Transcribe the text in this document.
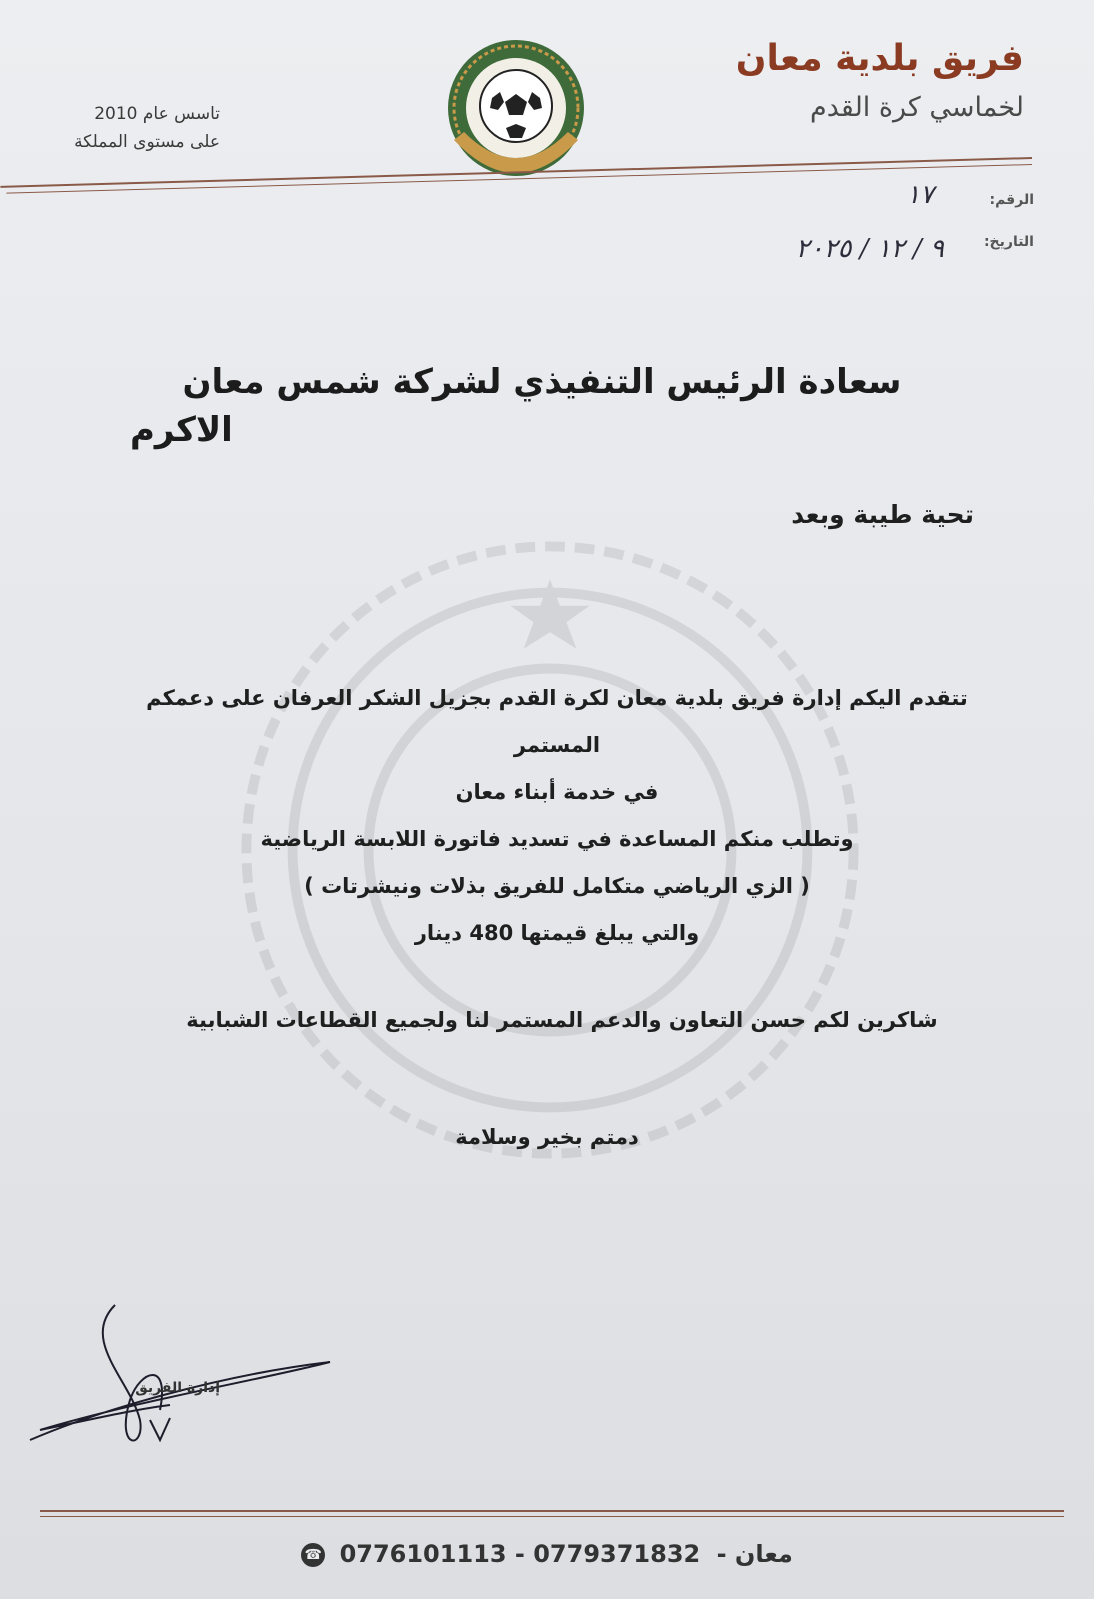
فريق بلدية معان
لخماسي كرة القدم
تاسس عام 2010
على مستوى المملكة
الرقم:
١٧
التاريخ:
٩ / ١٢ / ٢٠٢٥
سعادة الرئيس التنفيذي لشركة شمس معان
الاكرم
تحية طيبة وبعد
تتقدم اليكم إدارة فريق بلدية معان لكرة القدم بجزيل الشكر العرفان على دعمكم المستمر
في خدمة أبناء معان
وتطلب منكم المساعدة في تسديد فاتورة اللابسة الرياضية
( الزي الرياضي متكامل للفريق بذلات ونيشرتات )
والتي يبلغ قيمتها 480 دينار
شاكرين لكم حسن التعاون والدعم المستمر لنا ولجميع القطاعات الشبابية
دمتم بخير وسلامة
إدارة الفريق
☎ 0776101113 - 0779371832 معان -
